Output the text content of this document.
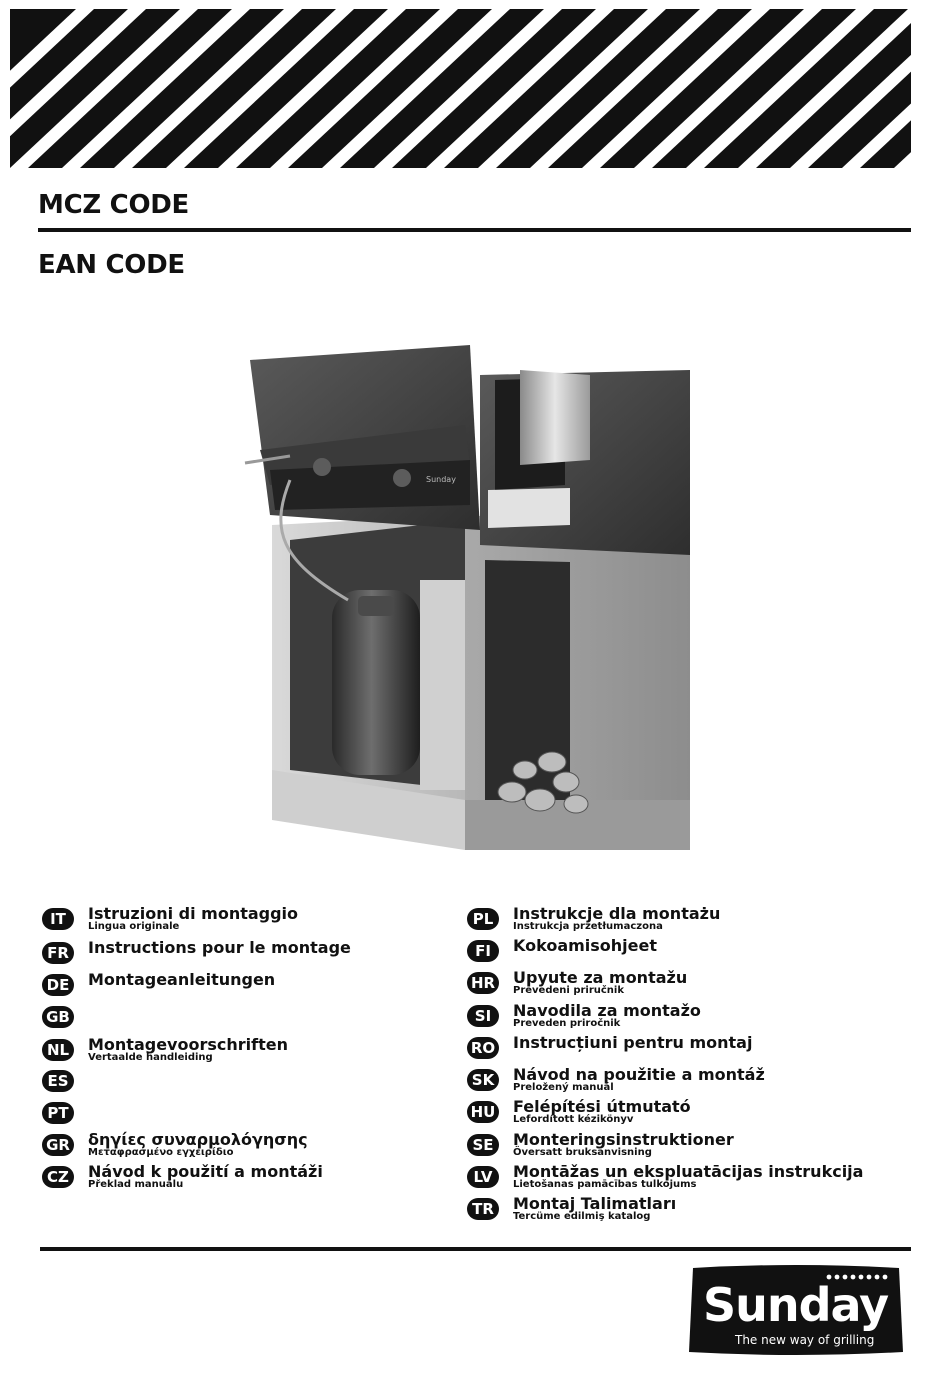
MCZ CODE
EAN CODE
Sunday
IT	Istruzioni di montaggio
Lingua originale
FR	Instructions pour le montage
DE Montageanleitungen
GB
NL	Montagevoorschriften
Vertaalde handleiding
ES
PT
GR δηγίες συναρμολόγησης
Μεταφρασμένο εγχειρίδιο
CZ	Návod k použití a montáži
Překlad manuálu
PL	Instrukcje dla montażu
Instrukcja przetłumaczona
FI	Kokoamisohjeet
HR Upyute za montažu
Prevedeni priručnik
SI	Navodila za montažo
Preveden priročnik
RO Instrucțiuni pentru montaj
SK Návod na použitie a montáž
Preložený manuál
HU Felépítési útmutató
Lefordított kézikönyv
SE	Monteringsinstruktioner
Översatt bruksanvisning
LV	Montāžas un ekspluatācijas instrukcija
Lietošanas pamācības tulkojums
TR	Montaj Talimatları
Tercüme edilmiş katalog
Sunday
The new way of grilling
